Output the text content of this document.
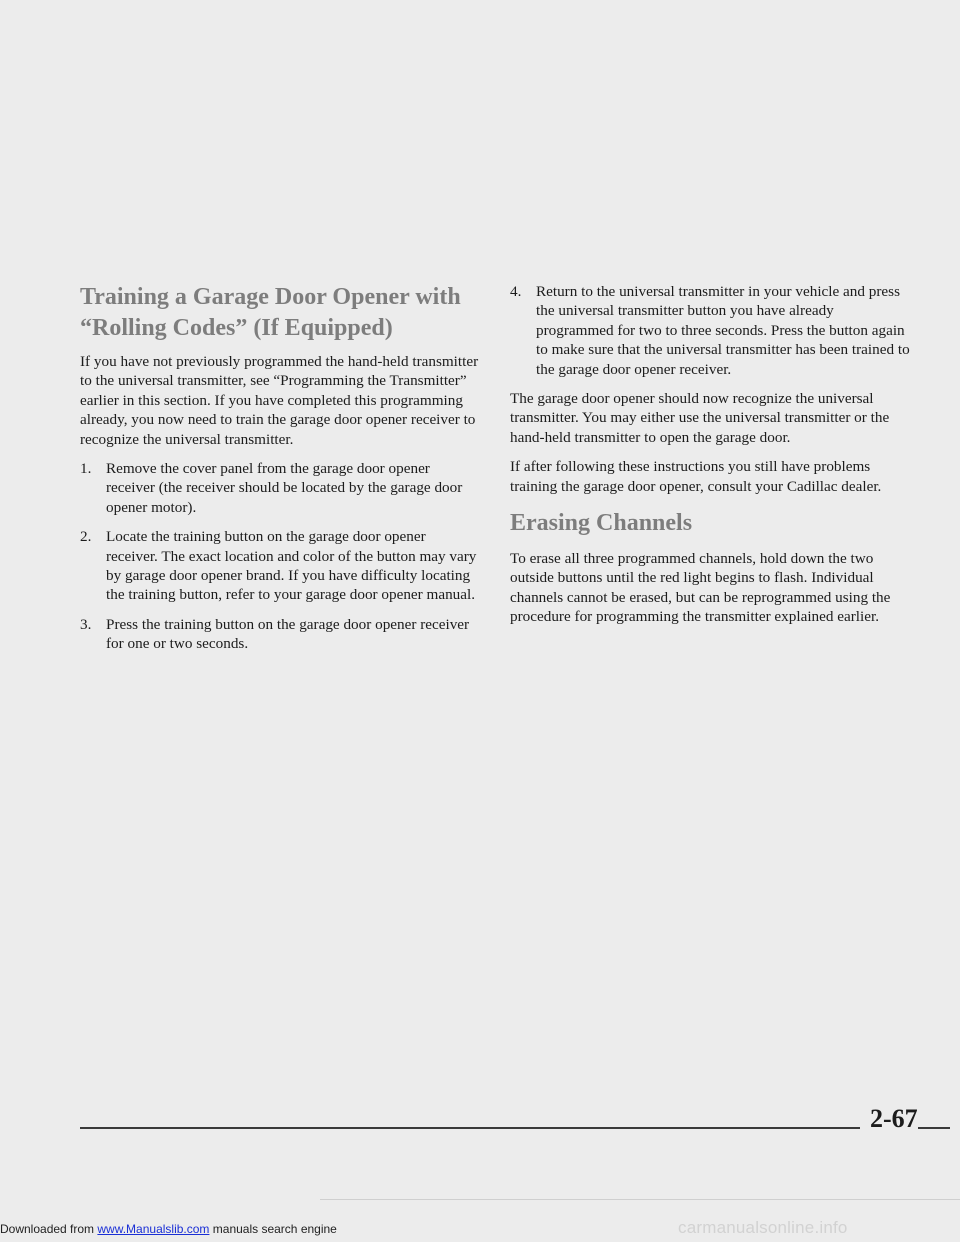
Training a Garage Door Opener with “Rolling Codes” (If Equipped)

If you have not previously programmed the hand-held transmitter to the universal transmitter, see “Programming the Transmitter” earlier in this section. If you have completed this programming already, you now need to train the garage door opener receiver to recognize the universal transmitter.

1. Remove the cover panel from the garage door opener receiver (the receiver should be located by the garage door opener motor).
2. Locate the training button on the garage door opener receiver. The exact location and color of the button may vary by garage door opener brand. If you have difficulty locating the training button, refer to your garage door opener manual.
3. Press the training button on the garage door opener receiver for one or two seconds.
4. Return to the universal transmitter in your vehicle and press the universal transmitter button you have already programmed for two to three seconds. Press the button again to make sure that the universal transmitter has been trained to the garage door opener receiver.

The garage door opener should now recognize the universal transmitter. You may either use the universal transmitter or the hand-held transmitter to open the garage door.

If after following these instructions you still have problems training the garage door opener, consult your Cadillac dealer.

Erasing Channels

To erase all three programmed channels, hold down the two outside buttons until the red light begins to flash. Individual channels cannot be erased, but can be reprogrammed using the procedure for programming the transmitter explained earlier.

2-67
Downloaded from www.Manualslib.com manuals search engine	carmanualsonline.info
